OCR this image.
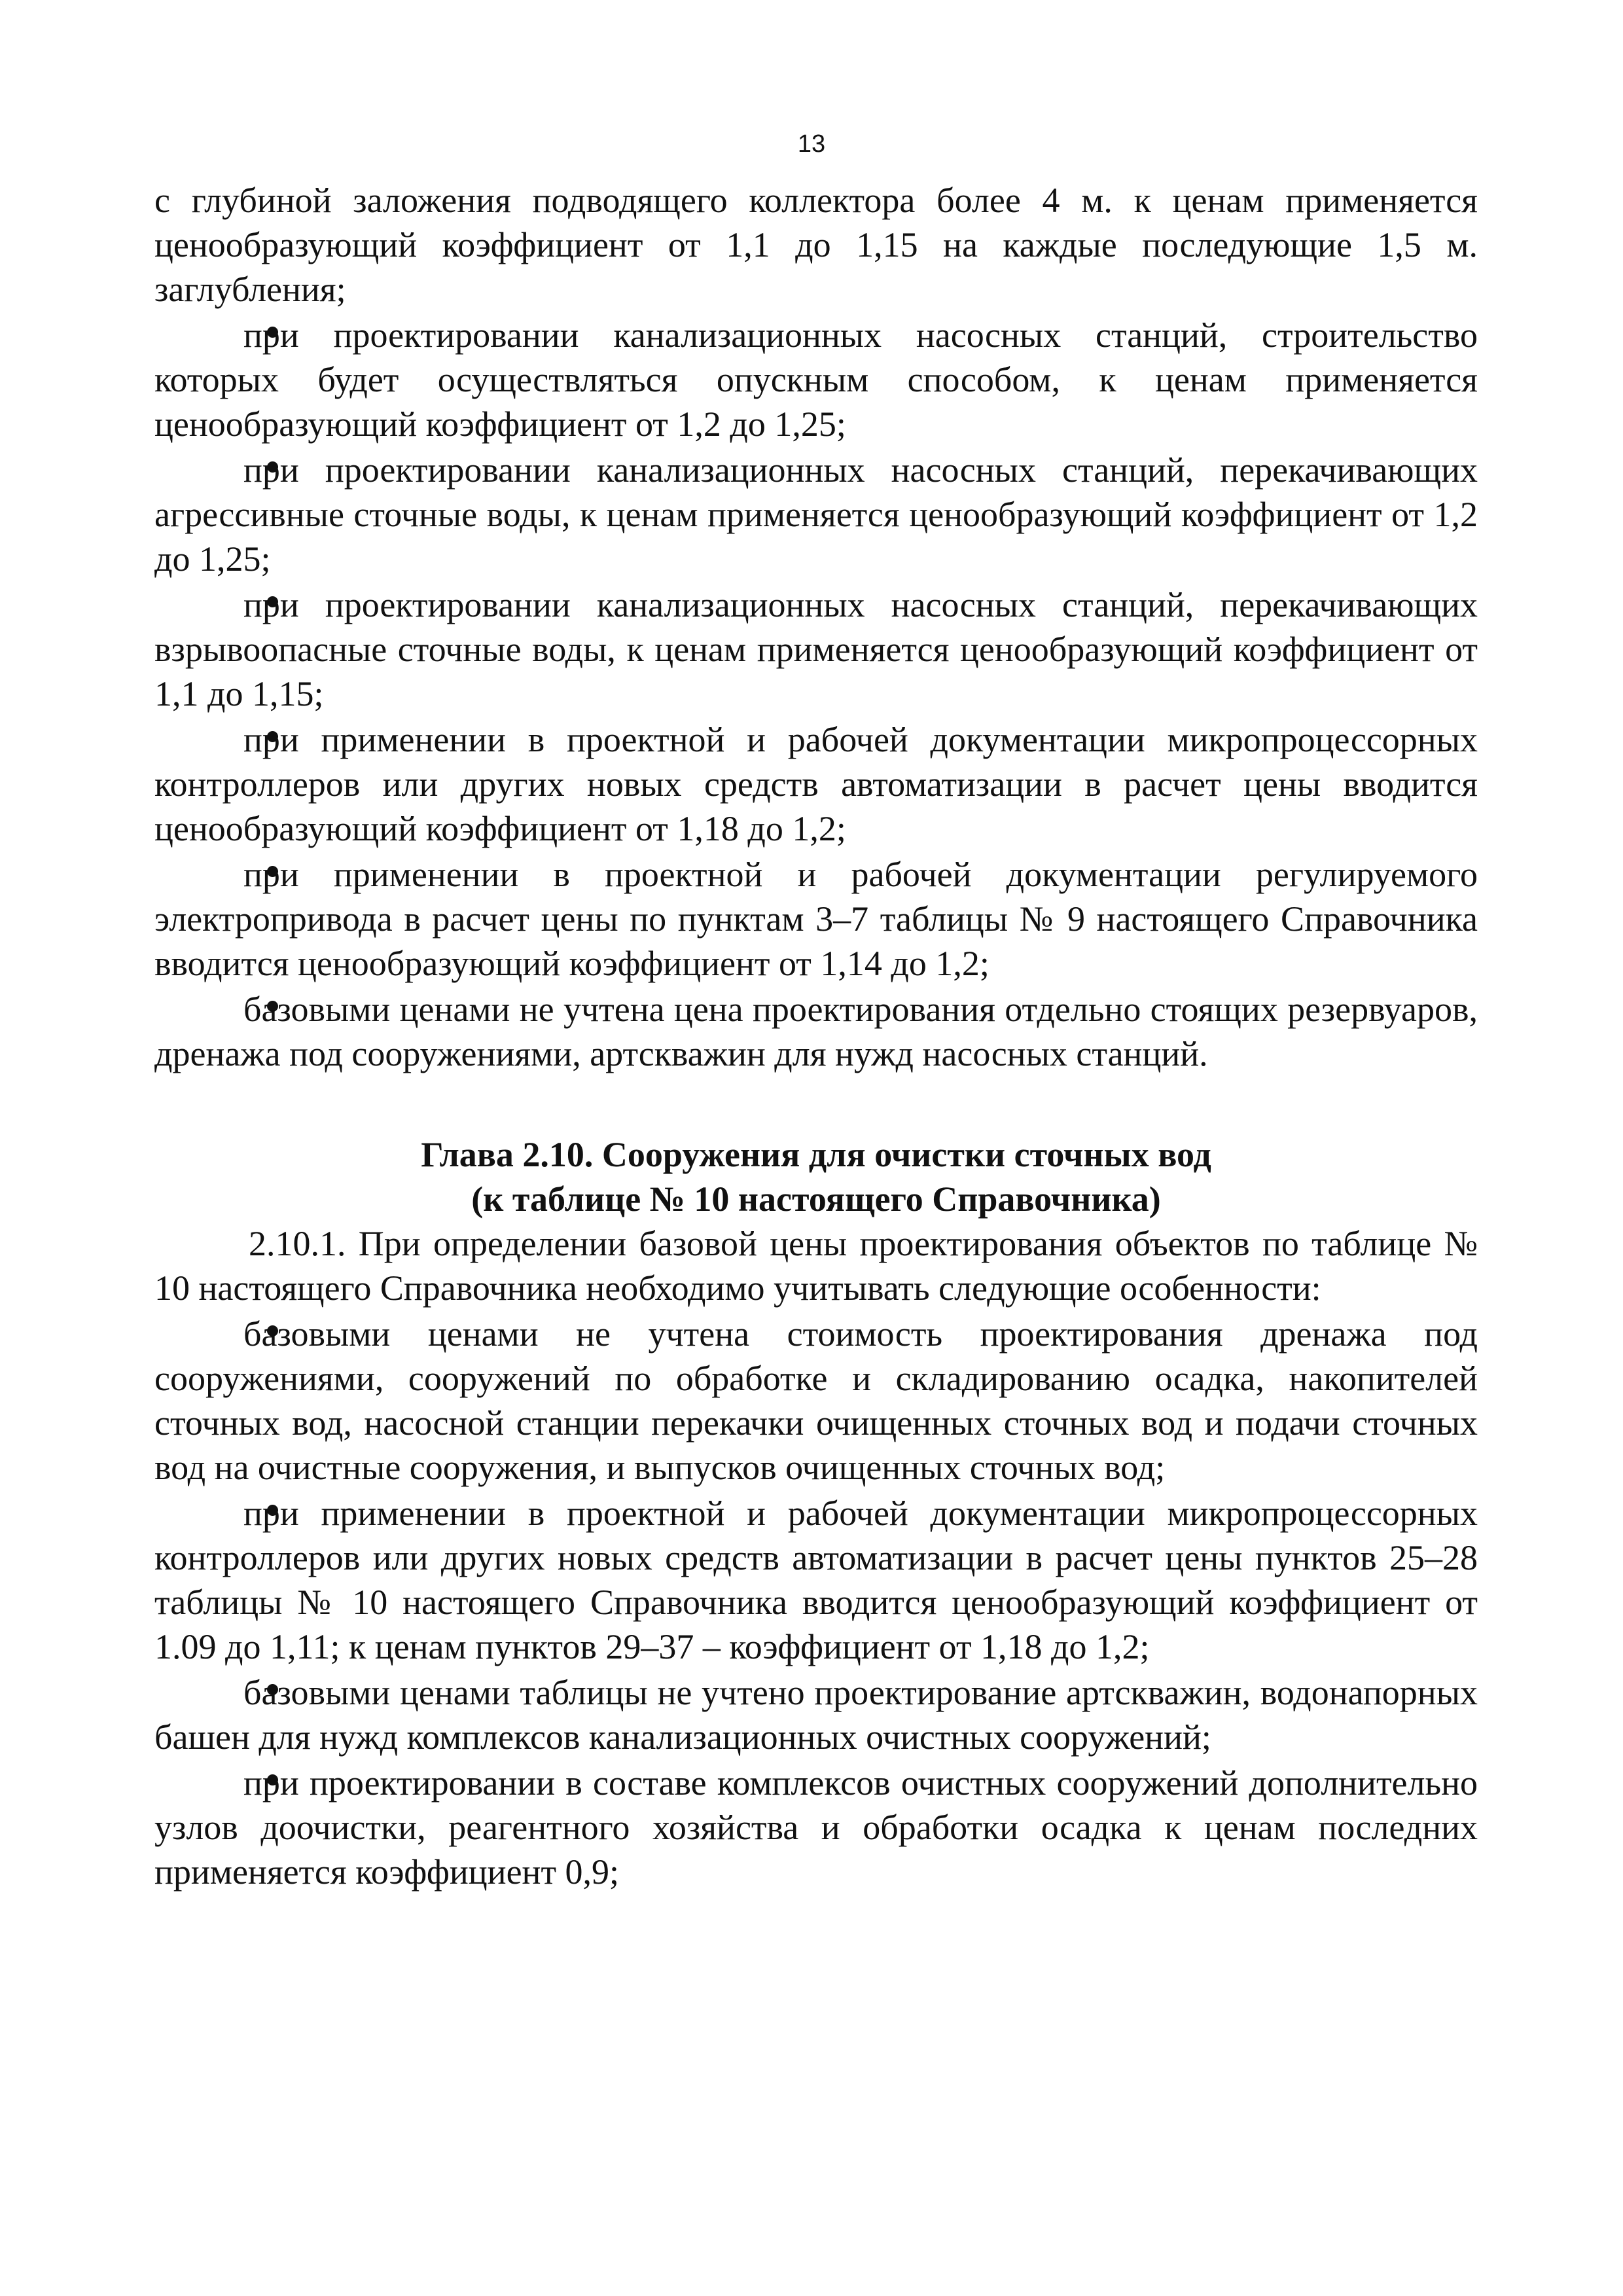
13

с глубиной заложения подводящего коллектора более 4 м. к ценам применяется ценообразующий коэффициент от 1,1 до 1,15 на каждые последующие 1,5 м. заглубления;

при проектировании канализационных насосных станций, строительство которых будет осуществляться опускным способом, к ценам применяется ценообразующий коэффициент от 1,2 до 1,25;

при проектировании канализационных насосных станций, перекачивающих агрессивные сточные воды, к ценам применяется ценообразующий коэффициент от 1,2 до 1,25;

при проектировании канализационных насосных станций, перекачивающих взрывоопасные сточные воды, к ценам применяется ценообразующий коэффициент от 1,1 до 1,15;

при применении в проектной и рабочей документации микропроцессорных контроллеров или других новых средств автоматизации в расчет цены вводится ценообразующий коэффициент от 1,18 до 1,2;

при применении в проектной и рабочей документации регулируемого электропривода в расчет цены по пунктам 3–7 таблицы № 9 настоящего Справочника вводится ценообразующий коэффициент от 1,14 до 1,2;

базовыми ценами не учтена цена проектирования отдельно стоящих резервуаров, дренажа под сооружениями, артскважин для нужд насосных станций.

Глава 2.10. Сооружения для очистки сточных вод
(к таблице № 10 настоящего Справочника)

2.10.1. При определении базовой цены проектирования объектов по таблице № 10 настоящего Справочника необходимо учитывать следующие особенности:

базовыми ценами не учтена стоимость проектирования дренажа под сооружениями, сооружений по обработке и складированию осадка, накопителей сточных вод, насосной станции перекачки очищенных сточных вод и подачи сточных вод на очистные сооружения, и выпусков очищенных сточных вод;

при применении в проектной и рабочей документации микропроцессорных контроллеров или других новых средств автоматизации в расчет цены пунктов 25–28 таблицы № 10 настоящего Справочника вводится ценообразующий коэффициент от 1.09 до 1,11; к ценам пунктов 29–37 – коэффициент от 1,18 до 1,2;

базовыми ценами таблицы не учтено проектирование артскважин, водонапорных башен для нужд комплексов канализационных очистных сооружений;

при проектировании в составе комплексов очистных сооружений дополнительно узлов доочистки, реагентного хозяйства и обработки осадка к ценам последних применяется коэффициент 0,9;
